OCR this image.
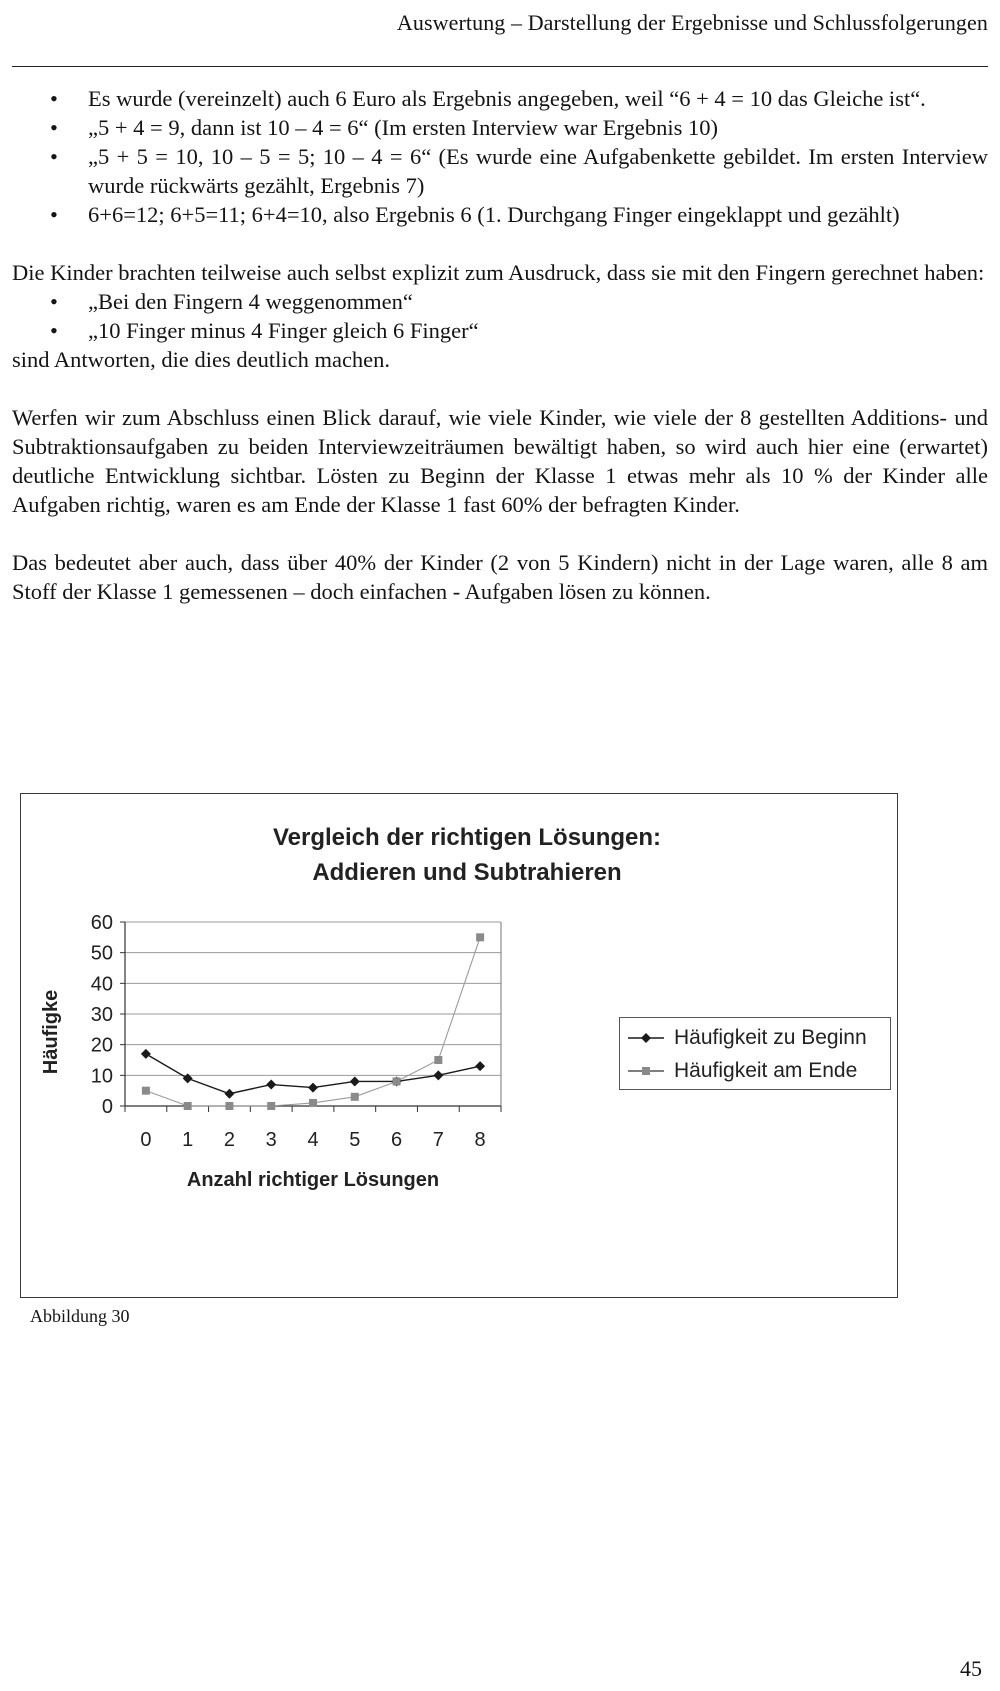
Auswertung – Darstellung der Ergebnisse und Schlussfolgerungen
• Es wurde (vereinzelt) auch 6 Euro als Ergebnis angegeben, weil “6 + 4 = 10 das Gleiche ist“.
• „5 + 4 = 9, dann ist 10 – 4 = 6“ (Im ersten Interview war Ergebnis 10)
• „5 + 5 = 10, 10 – 5 = 5; 10 – 4 = 6“ (Es wurde eine Aufgabenkette gebildet. Im ersten Interview wurde rückwärts gezählt, Ergebnis 7)
• 6+6=12; 6+5=11; 6+4=10, also Ergebnis 6 (1. Durchgang Finger eingeklappt und gezählt)

Die Kinder brachten teilweise auch selbst explizit zum Ausdruck, dass sie mit den Fingern gerechnet haben:

• „Bei den Fingern 4 weggenommen“
• „10 Finger minus 4 Finger gleich 6 Finger“

sind Antworten, die dies deutlich machen.

Werfen wir zum Abschluss einen Blick darauf, wie viele Kinder, wie viele der 8 gestellten Additions- und Subtraktionsaufgaben zu beiden Interviewzeiträumen bewältigt haben, so wird auch hier eine (erwartet) deutliche Entwicklung sichtbar. Lösten zu Beginn der Klasse 1 etwas mehr als 10 % der Kinder alle Aufgaben richtig, waren es am Ende der Klasse 1 fast 60% der befragten Kinder.

Das bedeutet aber auch, dass über 40% der Kinder (2 von 5 Kindern) nicht in der Lage waren, alle 8 am Stoff der Klasse 1 gemessenen – doch einfachen - Aufgaben lösen zu können.

Vergleich der richtigen Lösungen:
Addieren und Subtrahieren
0
10
20
30
40
50
60
0 1 2 3 4 5 6 7 8
Anzahl richtiger Lösungen
Häufigke	Häufigkeit zu Beginn
Häufigkeit am Ende
Abbildung 30
45
